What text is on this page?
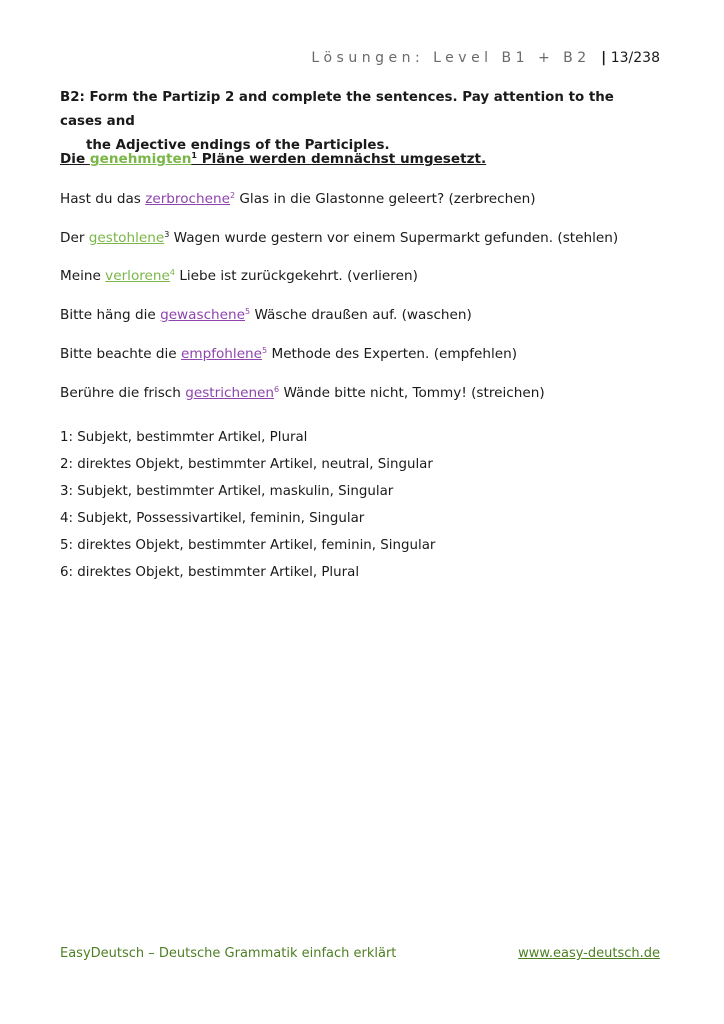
Lösungen: Level B1 + B2 | 13/238
B2: Form the Partizip 2 and complete the sentences. Pay attention to the cases and
the Adjective endings of the Participles.
Die genehmigten$^1$ Pläne werden demnächst umgesetzt.
Hast du das zerbrochene$^2$ Glas in die Glastonne geleert? (zerbrechen)
Der gestohlene$^3$ Wagen wurde gestern vor einem Supermarkt gefunden. (stehlen)
Meine verlorene$^4$ Liebe ist zurückgekehrt. (verlieren)
Bitte häng die gewaschene$^5$ Wäsche draußen auf. (waschen)
Bitte beachte die empfohlene$^5$ Methode des Experten. (empfehlen)
Berühre die frisch gestrichenen$^6$ Wände bitte nicht, Tommy! (streichen)
1: Subjekt, bestimmter Artikel, Plural
2: direktes Objekt, bestimmter Artikel, neutral, Singular
3: Subjekt, bestimmter Artikel, maskulin, Singular
4: Subjekt, Possessivartikel, feminin, Singular
5: direktes Objekt, bestimmter Artikel, feminin, Singular
6: direktes Objekt, bestimmter Artikel, Plural
EasyDeutsch – Deutsche Grammatik einfach erklärt	www.easy-deutsch.de
